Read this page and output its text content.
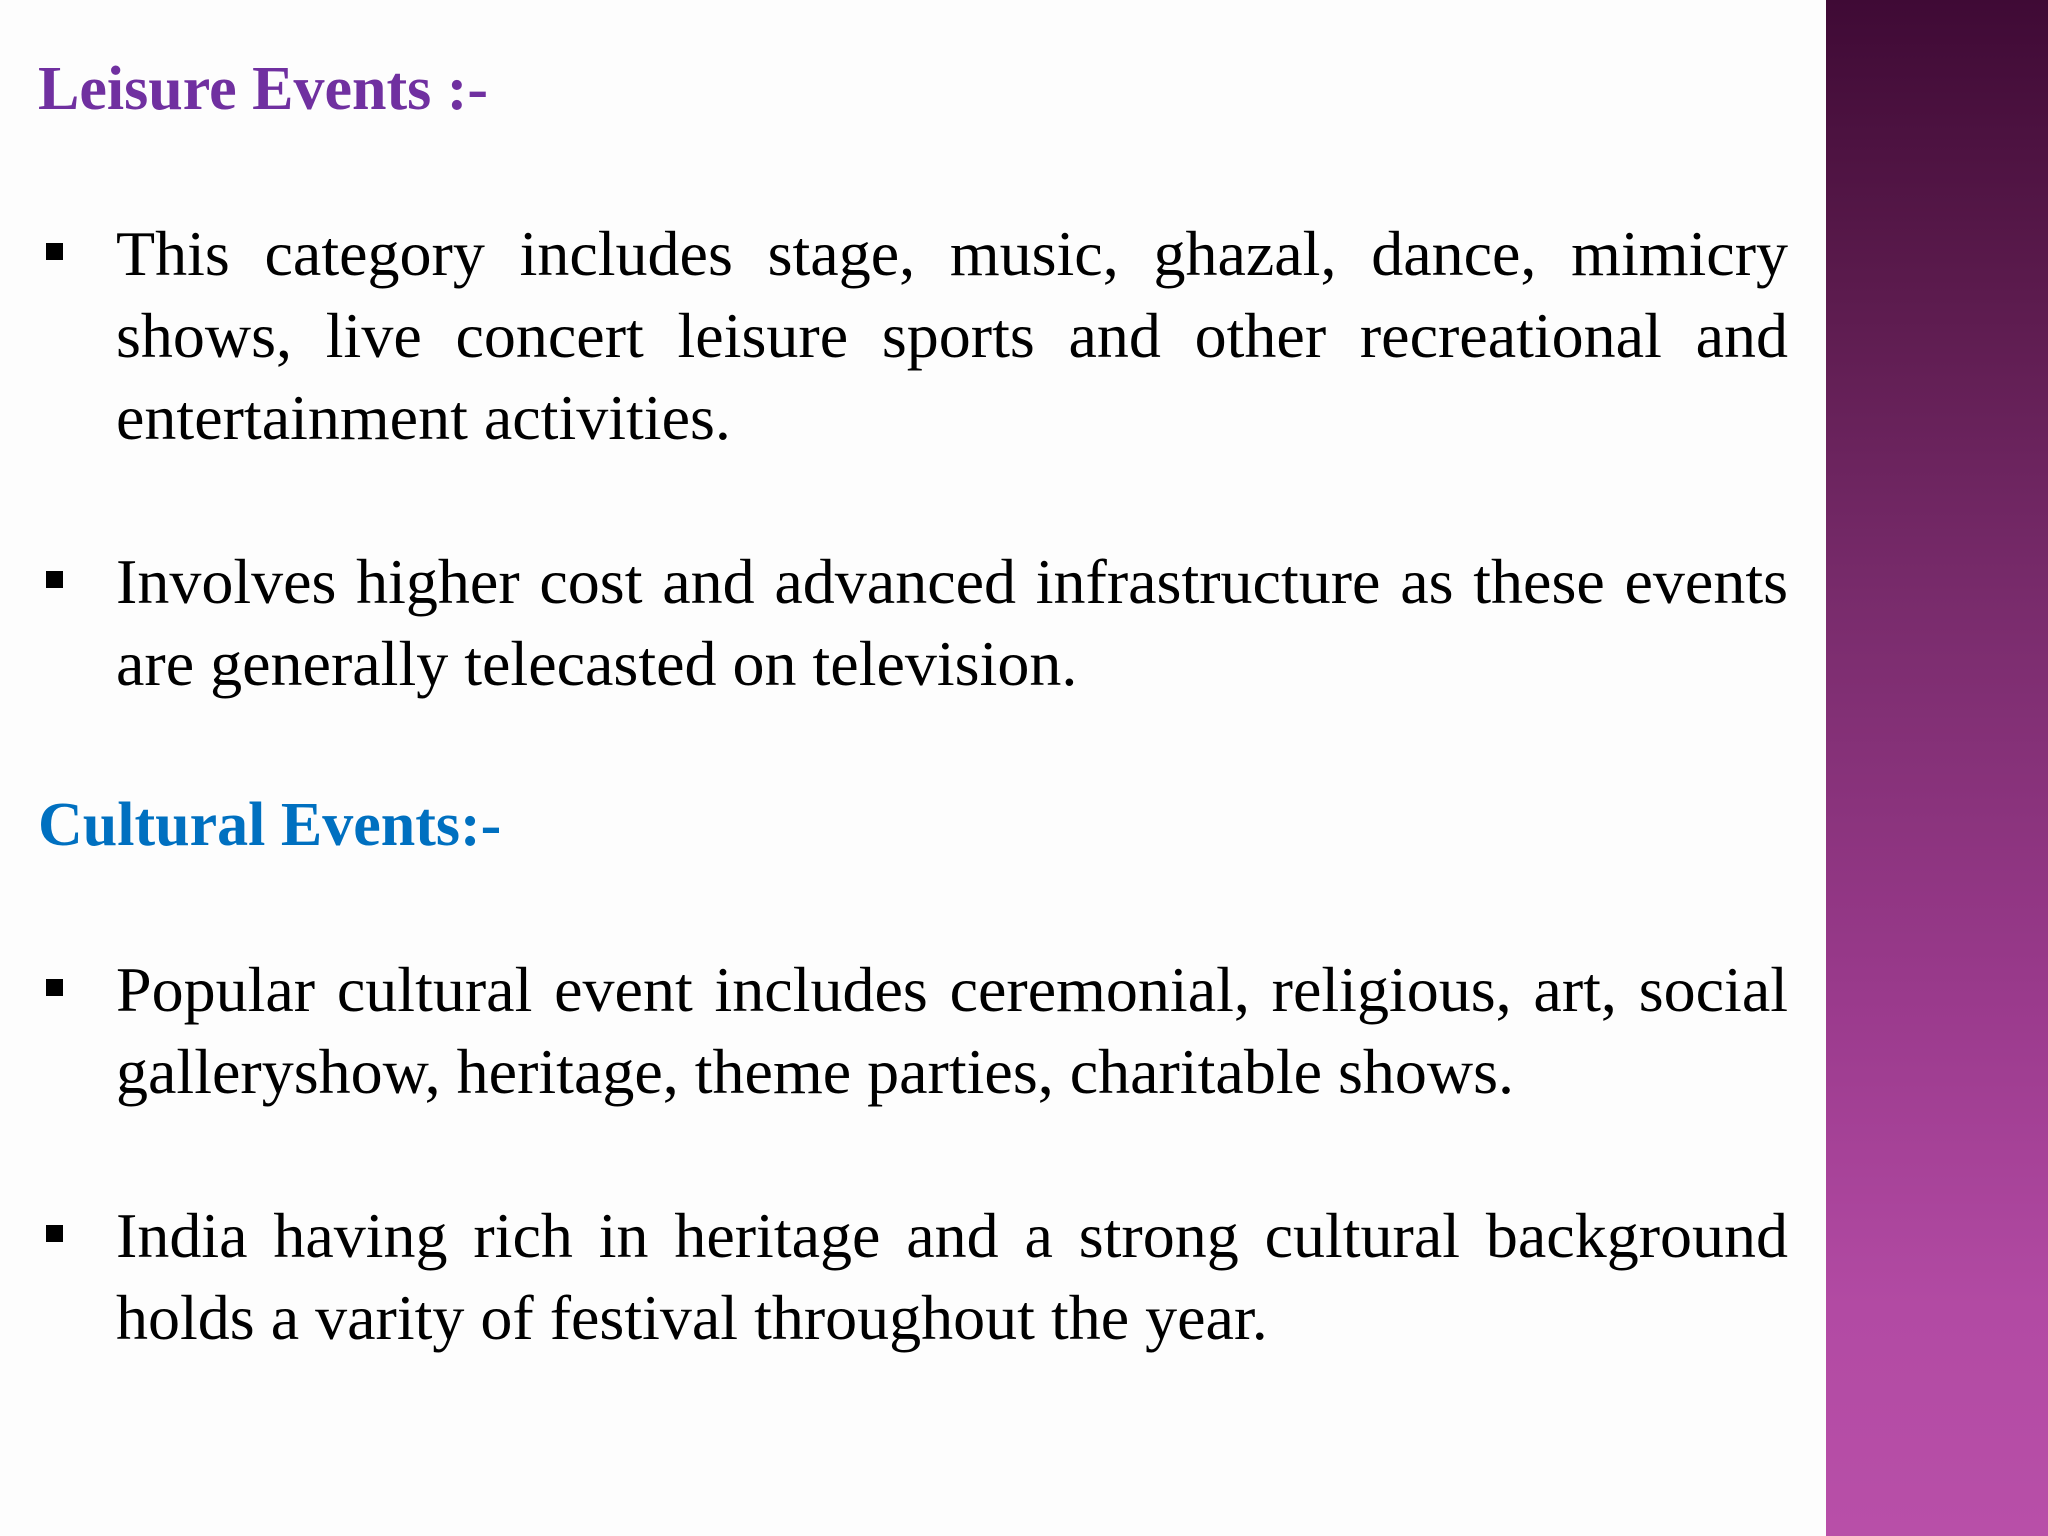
Leisure Events :-

This category includes stage, music, ghazal, dance, mimicry shows, live concert leisure sports and other recreational and entertainment activities.

Involves higher cost and advanced infrastructure as these events are generally telecasted on television.

Cultural Events:-

Popular cultural event includes ceremonial, religious, art, social galleryshow, heritage, theme parties, charitable shows.

India having rich in heritage and a strong cultural background holds a varity of festival throughout the year.
